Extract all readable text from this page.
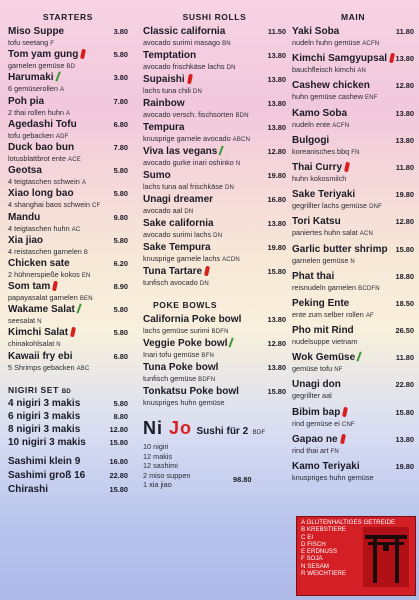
STARTERS
Miso Suppe
tofu seetang F
3.80
Tom yam gung
garnelen gemüse BD
5.80
Harumaki
6 gemüserollen A
3.80
Poh pia
2 thai rollen huhn A
7.80
Agedashi Tofu
tofu gebacken ADF
6.80
Duck bao bun
lotusblattbrot ente ACE
7.80
Geotsa
4 teigtaschen schwein A
5.80
Xiao long bao
4 shanghai baos schwein CF
5.80
Mandu
4 teigtaschen huhn AC
9.80
Xia jiao
4 reistaschen garnelen B
5.80
Chicken sate
2 hühnerspieße kokos EN
6.20
Som tam
papayasalat garnelen BEN
8.90
Wakame Salat
seesalat N
5.80
Kimchi Salat
chinakohlsalat N
5.80
Kawaii fry ebi
5 Shrimps gebacken ABC
6.80
NIGIRI SET BD
4 nigiri 3 makis	5.80
6 nigiri 3 makis	8.80
8 nigiri 3 makis	12.80
10 nigiri 3 makis	15.80
Sashimi klein 9	16.80
Sashimi groß 16	22.80
Chirashi	15.80
SUSHI ROLLS
Classic california
avocado surimi masago BN
11.50
Temptation
avocado frischkäse lachs DN
13.80
Supaishi
lachs tuna chili DN
13.80
Rainbow
avocado versch. fischsorten BDN
13.80
Tempura
knusprige garnele avocado ABCN
13.80
Viva las vegans
avocado gurke inari oshinko N
12.80
Sumo
lachs tuna aal frischkäse DN
19.80
Unagi dreamer
avocado aal DN
16.80
Sake california
avocado surimi lachs DN
13.80
Sake Tempura
knusprige garnele lachs ACDN
19.80
Tuna Tartare
tunfisch avocado DN
15.80
POKE BOWLS
California Poke bowl
lachs gemüse surimi BDFN
13.80
Veggie Poke bowl
Inari tofu gemüse BFN
12.80
Tuna Poke bowl
tunfisch gemüse BDFN
13.80
Tonkatsu Poke bowl
knuspriges huhn gemüse
15.80
Ni Jo Sushi für 2 BDF
10 nigiri
12 makis
12 sashimi
2 miso suppen
1 xia jiao
98.80
MAIN
Yaki Soba
nudeln huhn gemüse ACFN
11.80
Kimchi Samgyupsal
bauchfleisch kimchi AN
13.80
Cashew chicken
huhn gemüse cashew ENF
12.80
Kamo Soba
nudeln ente ACFN
13.80
Bulgogi
koreanisches bbq FN
13.80
Thai Curry
huhn kokosmilch
11.80
Sake Teriyaki
gegrillter lachs gemüse DNF
19.80
Tori Katsu
paniertes huhn salat ACN
12.80
Garlic butter shrimp
garnelen gemüse N
15.80
Phat thai
reisnudeln garnelen BCDFN
18.80
Peking Ente
ente zum selber rollen AF
18.50
Pho mit Rind
nudelsuppe vietnam
26.50
Wok Gemüse
gemüse tofu NF
11.80
Unagi don
gegrillter aal
22.80
Bibim bap
rind gemüse ei CNF
15.80
Gapao ne
rind thai art FN
13.80
Kamo Teriyaki
knuspriges huhn gemüse
19.80
A GLUTENHALTIGES GETREIDE
B KREBSTIERE
C EI
D FISCH
E ERDNUSS
F SOJA
N SESAM
R WEICHTIERE
